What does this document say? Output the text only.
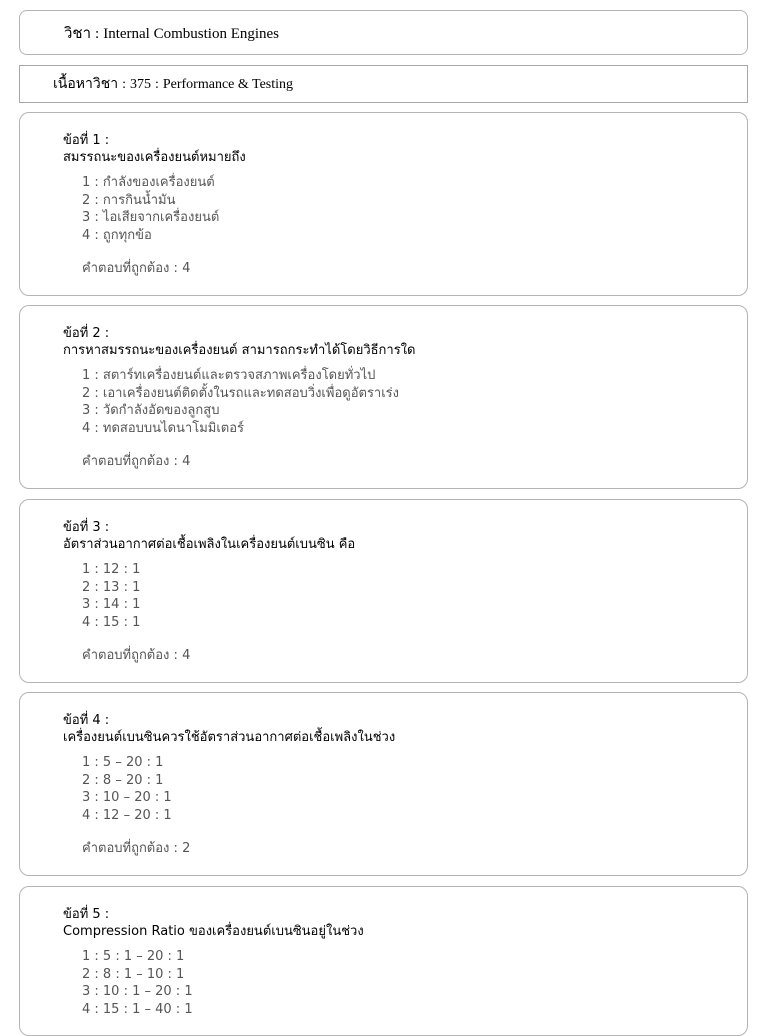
วิชา : Internal Combustion Engines
เนื้อหาวิชา : 375 : Performance & Testing
ข้อที่ 1 :
สมรรถนะของเครื่องยนต์หมายถึง
1 : กำลังของเครื่องยนต์
2 : การกินน้ำมัน
3 : ไอเสียจากเครื่องยนต์
4 : ถูกทุกข้อ
คำตอบที่ถูกต้อง : 4
ข้อที่ 2 :
การหาสมรรถนะของเครื่องยนต์ สามารถกระทำได้โดยวิธีการใด
1 : สตาร์ทเครื่องยนต์และตรวจสภาพเครื่องโดยทั่วไป
2 : เอาเครื่องยนต์ติดตั้งในรถและทดสอบวิ่งเพื่อดูอัตราเร่ง
3 : วัดกำลังอัดของลูกสูบ
4 : ทดสอบบนไดนาโมมิเตอร์
คำตอบที่ถูกต้อง : 4
ข้อที่ 3 :
อัตราส่วนอากาศต่อเชื้อเพลิงในเครื่องยนต์เบนซิน คือ
1 : 12 : 1
2 : 13 : 1
3 : 14 : 1
4 : 15 : 1
คำตอบที่ถูกต้อง : 4
ข้อที่ 4 :
เครื่องยนต์เบนซินควรใช้อัตราส่วนอากาศต่อเชื้อเพลิงในช่วง
1 : 5 – 20 : 1
2 : 8 – 20 : 1
3 : 10 – 20 : 1
4 : 12 – 20 : 1
คำตอบที่ถูกต้อง : 2
ข้อที่ 5 :
Compression Ratio ของเครื่องยนต์เบนซินอยู่ในช่วง
1 : 5 : 1 – 20 : 1
2 : 8 : 1 – 10 : 1
3 : 10 : 1 – 20 : 1
4 : 15 : 1 – 40 : 1
